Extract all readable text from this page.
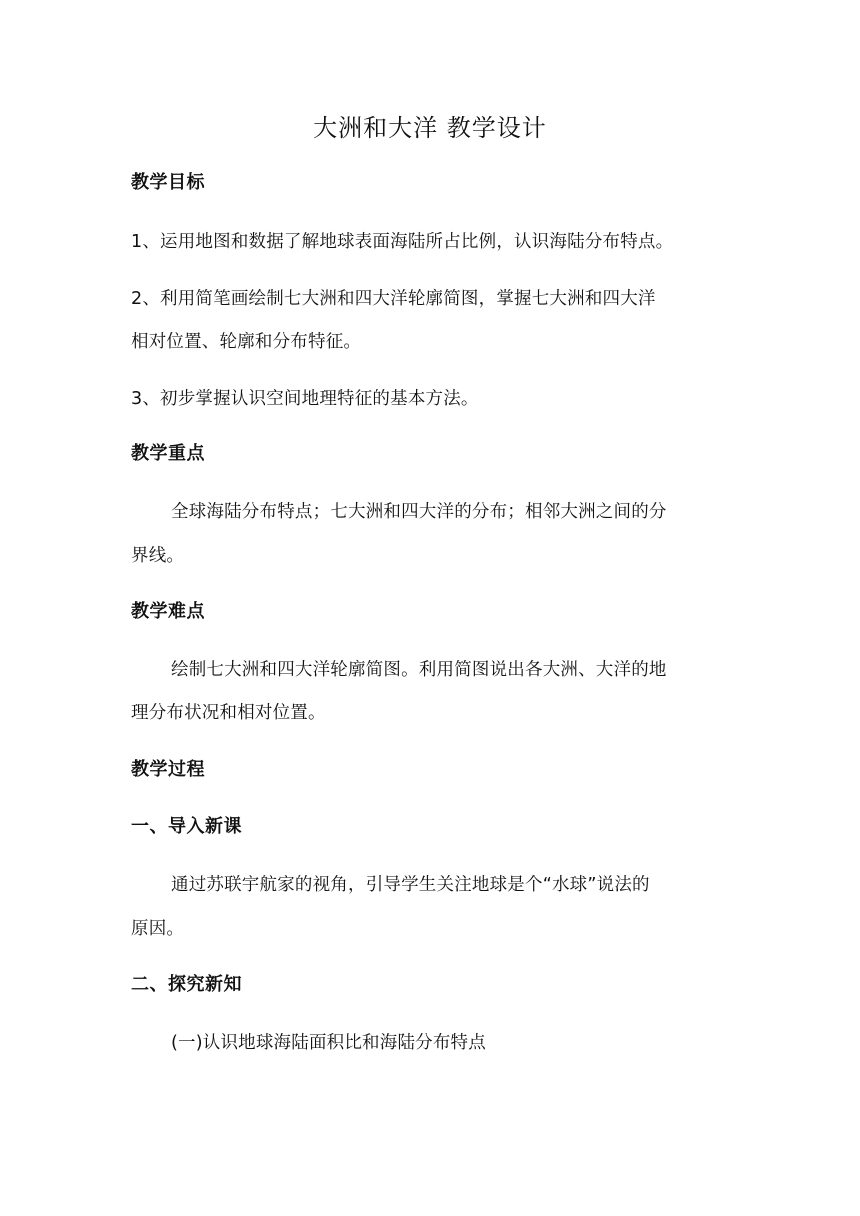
大洲和大洋 教学设计
教学目标
1、运用地图和数据了解地球表面海陆所占比例，认识海陆分布特点。
2、利用简笔画绘制七大洲和四大洋轮廓简图，掌握七大洲和四大洋
相对位置、轮廓和分布特征。
3、初步掌握认识空间地理特征的基本方法。
教学重点
全球海陆分布特点；七大洲和四大洋的分布；相邻大洲之间的分
界线。
教学难点
绘制七大洲和四大洋轮廓简图。利用简图说出各大洲、大洋的地
理分布状况和相对位置。
教学过程
一、导入新课
通过苏联宇航家的视角，引导学生关注地球是个“水球”说法的
原因。
二、探究新知
(一)认识地球海陆面积比和海陆分布特点
